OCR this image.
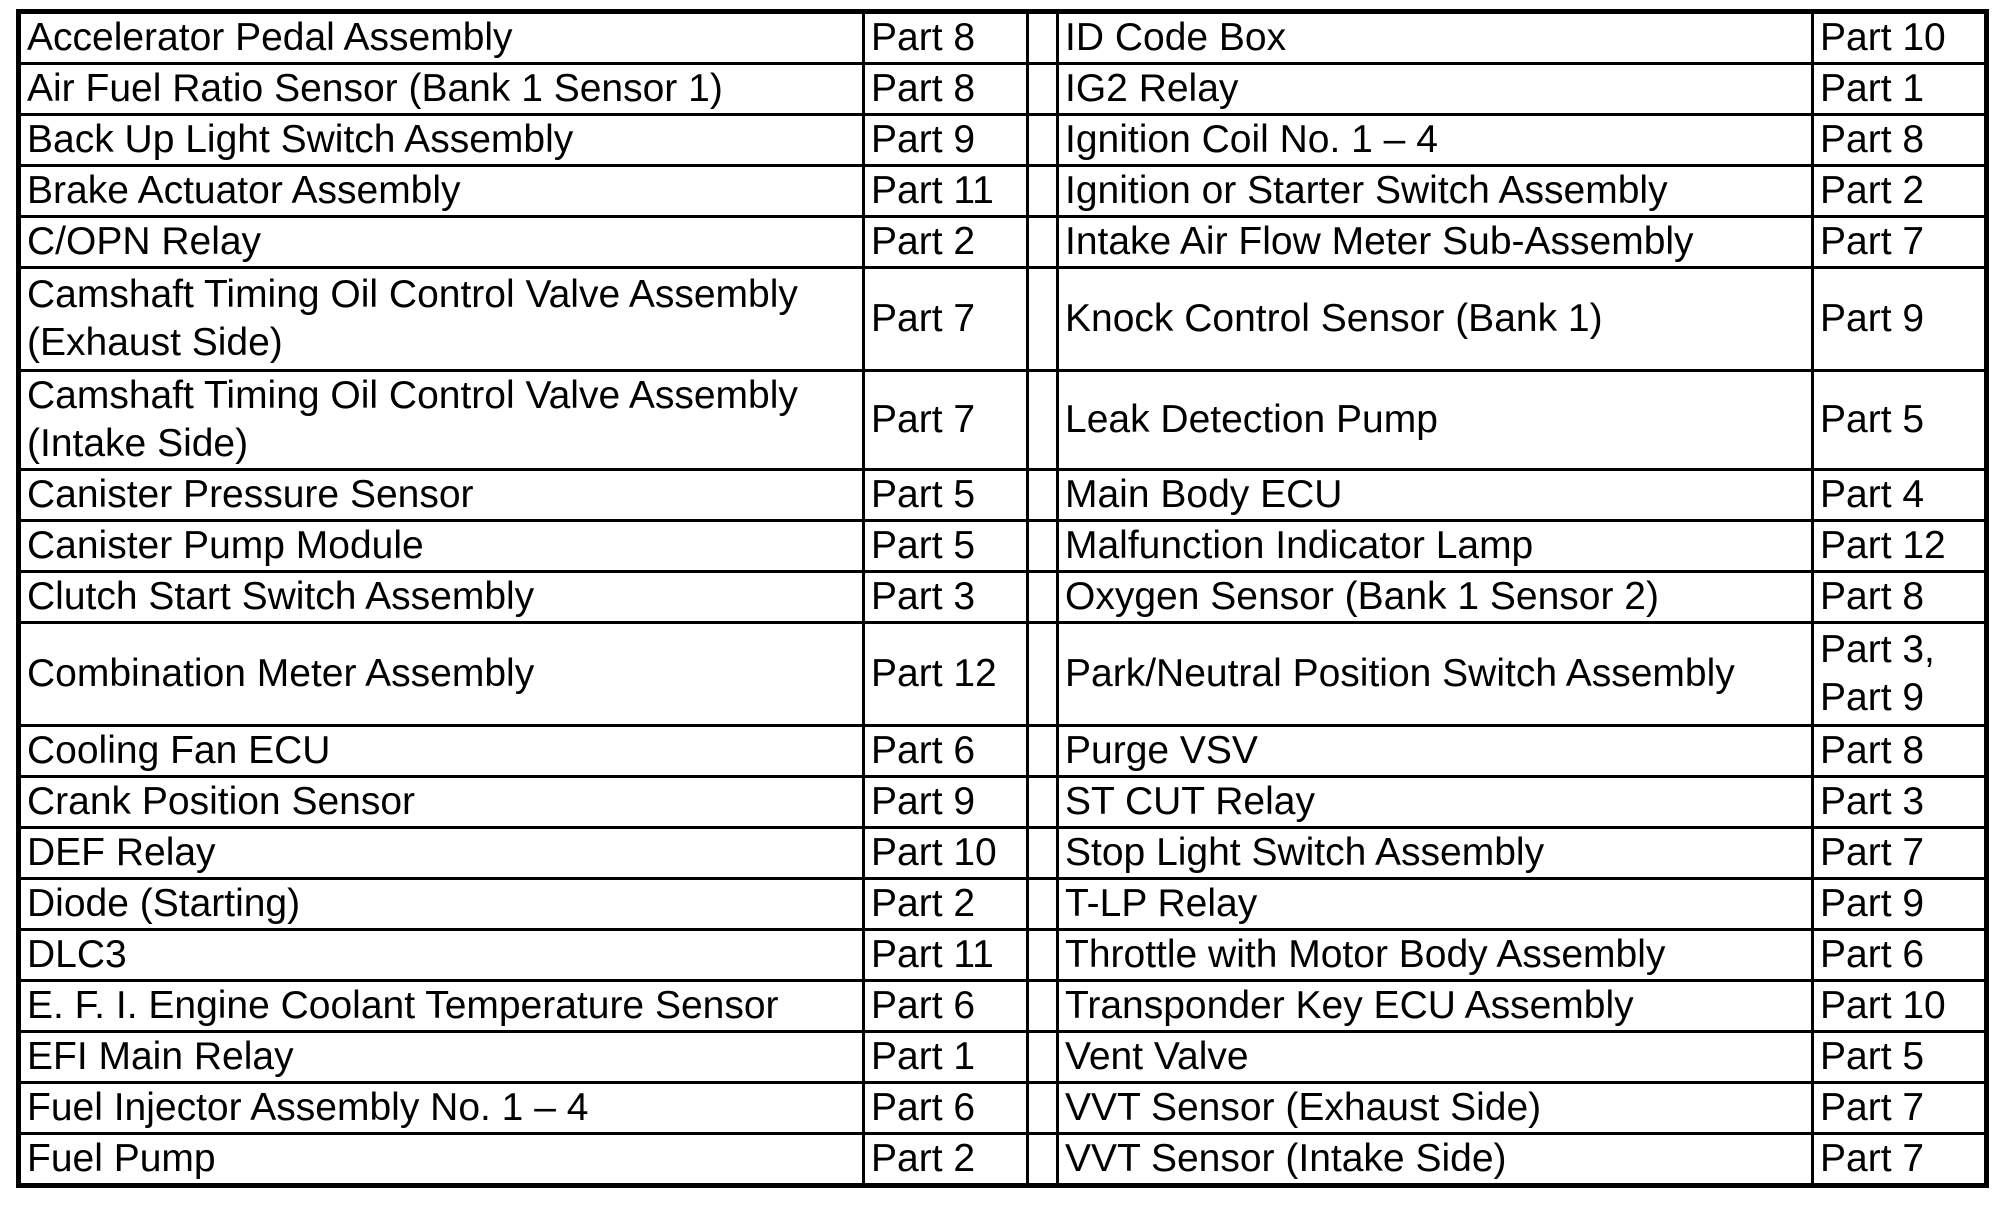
Accelerator Pedal Assembly	Part 8		ID Code Box	Part 10
Air Fuel Ratio Sensor (Bank 1 Sensor 1)	Part 8		IG2 Relay	Part 1
Back Up Light Switch Assembly	Part 9		Ignition Coil No. 1 – 4	Part 8
Brake Actuator Assembly	Part 11		Ignition or Starter Switch Assembly	Part 2
C/OPN Relay	Part 2		Intake Air Flow Meter Sub-Assembly	Part 7
Camshaft Timing Oil Control Valve Assembly (Exhaust Side)	Part 7		Knock Control Sensor (Bank 1)	Part 9
Camshaft Timing Oil Control Valve Assembly (Intake Side)	Part 7		Leak Detection Pump	Part 5
Canister Pressure Sensor	Part 5		Main Body ECU	Part 4
Canister Pump Module	Part 5		Malfunction Indicator Lamp	Part 12
Clutch Start Switch Assembly	Part 3		Oxygen Sensor (Bank 1 Sensor 2)	Part 8
Combination Meter Assembly	Part 12		Park/Neutral Position Switch Assembly	Part 3, Part 9
Cooling Fan ECU	Part 6		Purge VSV	Part 8
Crank Position Sensor	Part 9		ST CUT Relay	Part 3
DEF Relay	Part 10		Stop Light Switch Assembly	Part 7
Diode (Starting)	Part 2		T-LP Relay	Part 9
DLC3	Part 11		Throttle with Motor Body Assembly	Part 6
E. F. I. Engine Coolant Temperature Sensor	Part 6		Transponder Key ECU Assembly	Part 10
EFI Main Relay	Part 1		Vent Valve	Part 5
Fuel Injector Assembly No. 1 – 4	Part 6		VVT Sensor (Exhaust Side)	Part 7
Fuel Pump	Part 2		VVT Sensor (Intake Side)	Part 7
